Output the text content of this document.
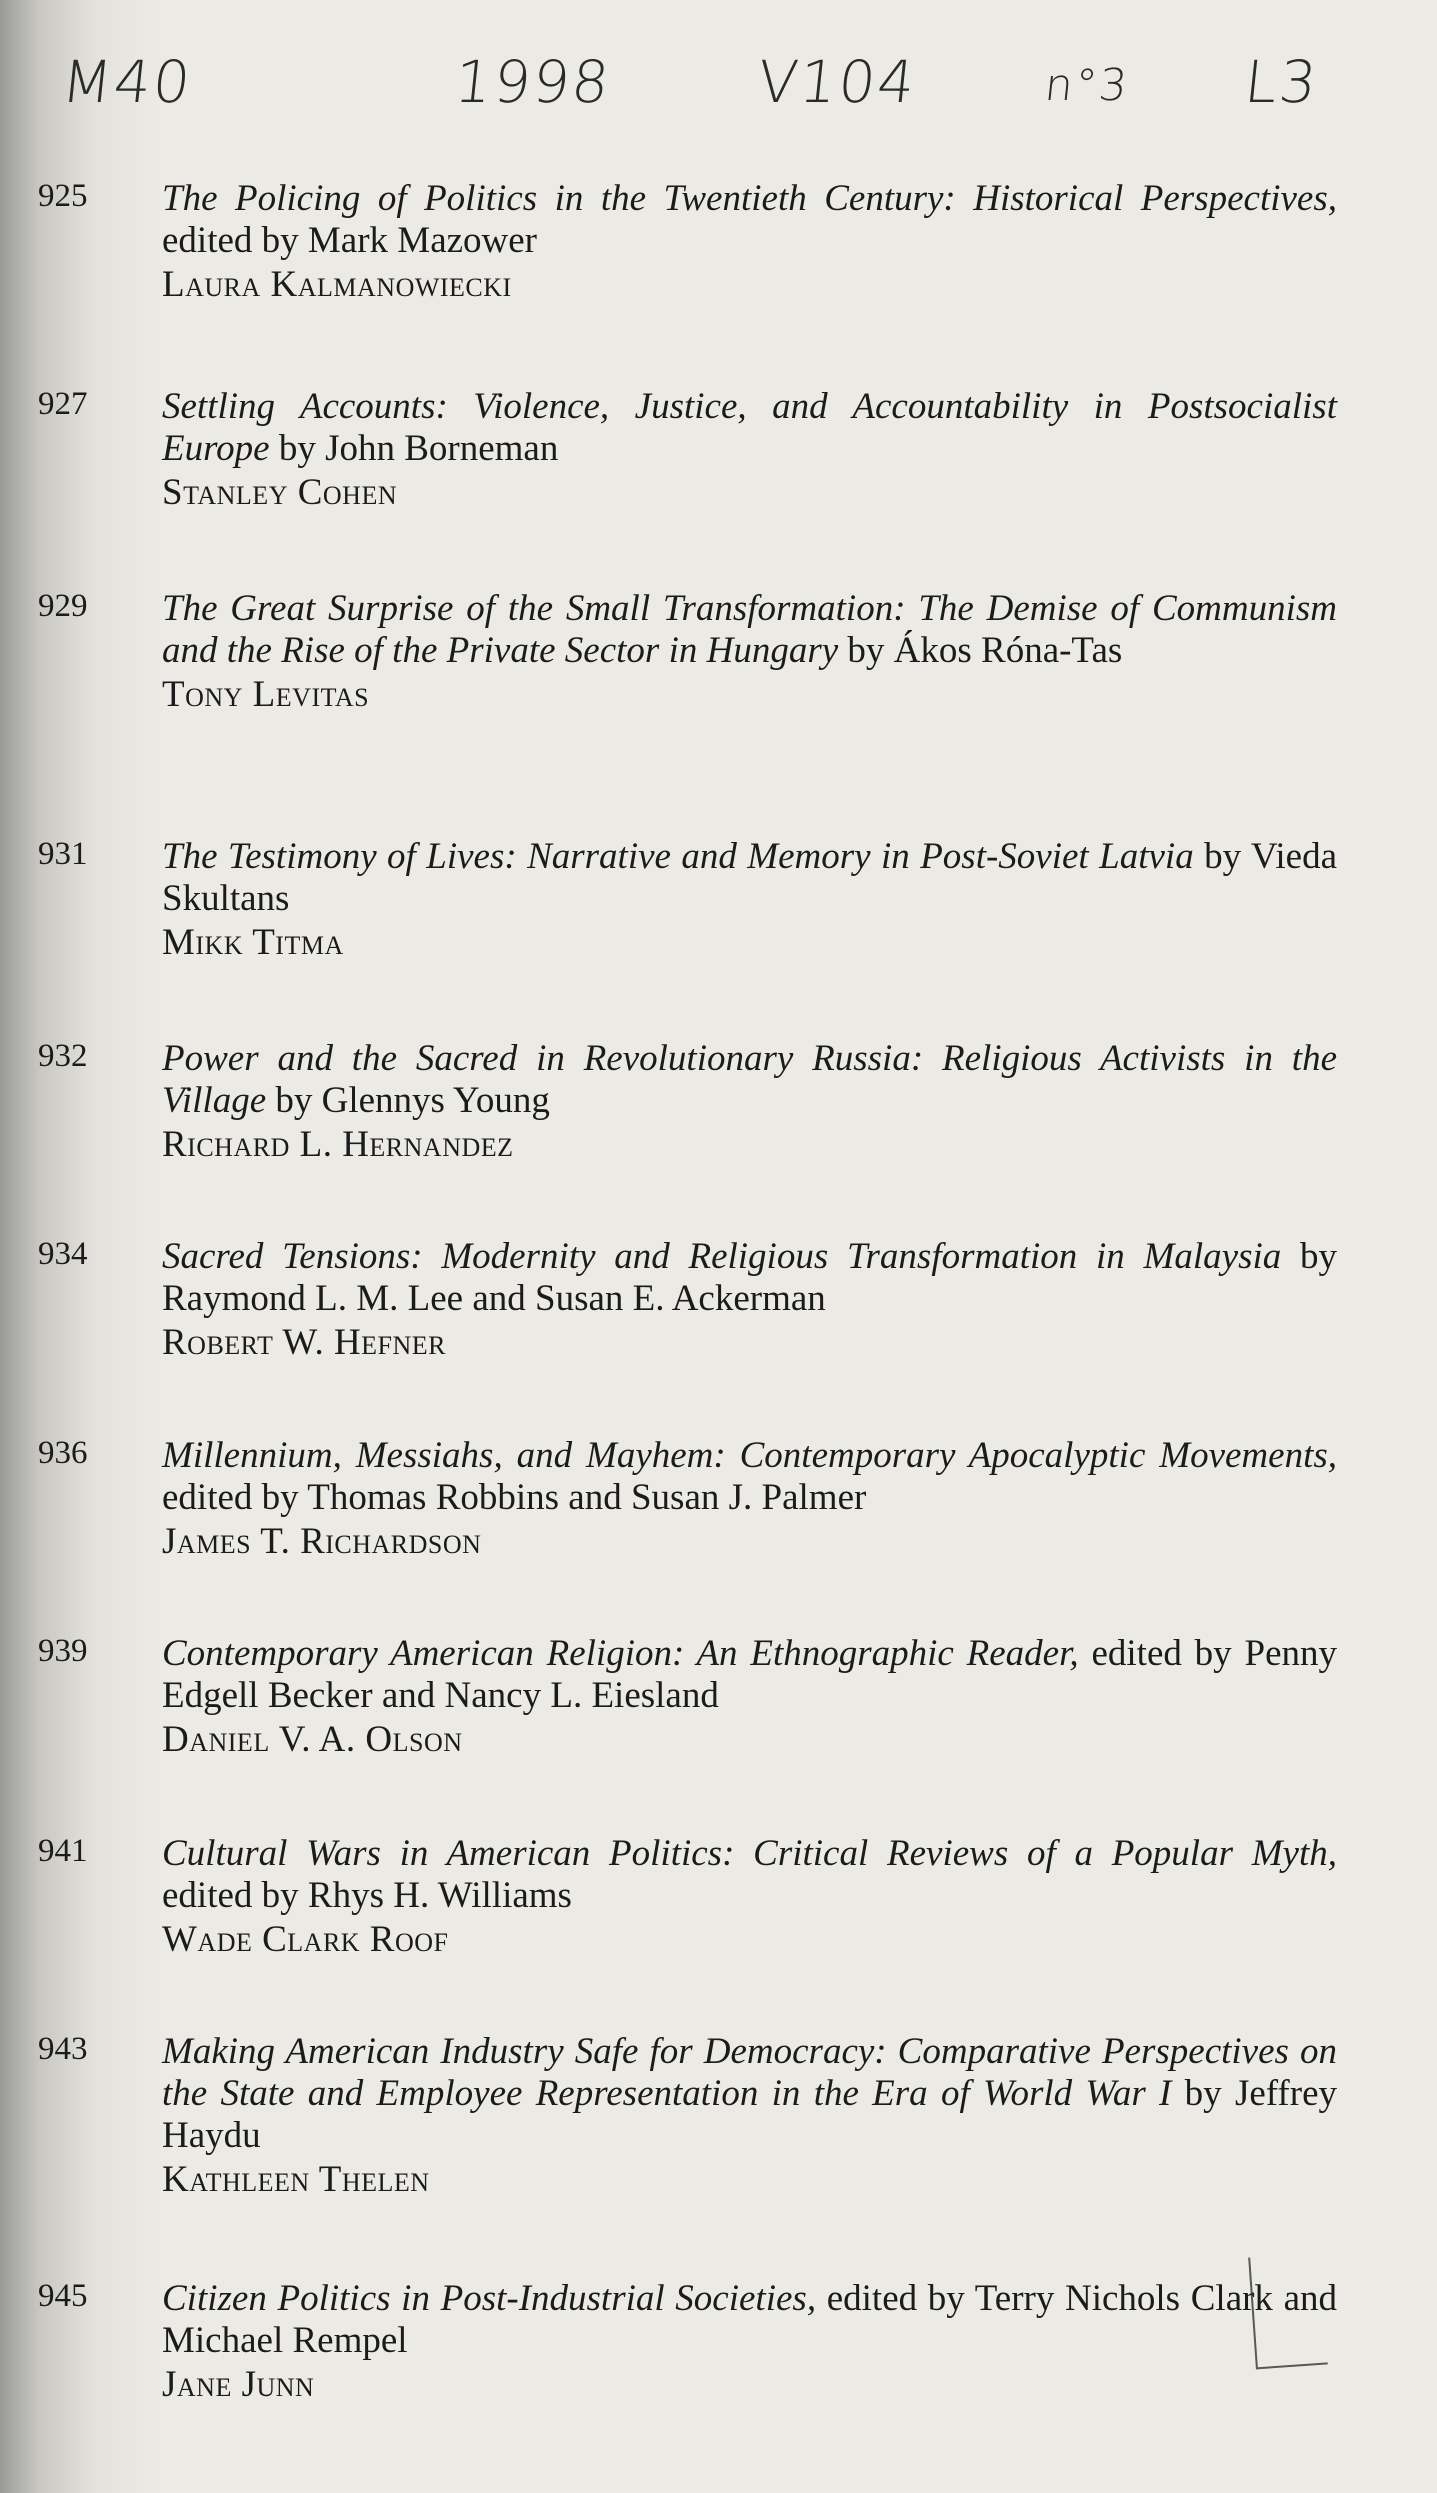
M40	1998 V104	n°3 L3
925	The Policing of Politics in the Twentieth Century: Historical Perspectives, edited by Mark Mazower
Laura Kalmanowiecki
927	Settling Accounts: Violence, Justice, and Accountability in Postsocialist Europe by John Borneman
Stanley Cohen
929	The Great Surprise of the Small Transformation: The Demise of Communism and the Rise of the Private Sector in Hungary by Ákos Róna-Tas
Tony Levitas
931	The Testimony of Lives: Narrative and Memory in Post-Soviet Latvia by Vieda Skultans
Mikk Titma
932	Power and the Sacred in Revolutionary Russia: Religious Activists in the Village by Glennys Young
Richard L. Hernandez
934	Sacred Tensions: Modernity and Religious Transformation in Malaysia by Raymond L. M. Lee and Susan E. Ackerman
Robert W. Hefner
936	Millennium, Messiahs, and Mayhem: Contemporary Apocalyptic Movements, edited by Thomas Robbins and Susan J. Palmer
James T. Richardson
939	Contemporary American Religion: An Ethnographic Reader, edited by Penny Edgell Becker and Nancy L. Eiesland
Daniel V. A. Olson
941	Cultural Wars in American Politics: Critical Reviews of a Popular Myth, edited by Rhys H. Williams
Wade Clark Roof
943	Making American Industry Safe for Democracy: Comparative Perspectives on the State and Employee Representation in the Era of World War I by Jeffrey Haydu
Kathleen Thelen
945	Citizen Politics in Post-Industrial Societies, edited by Terry Nichols Clark and Michael Rempel
Jane Junn
